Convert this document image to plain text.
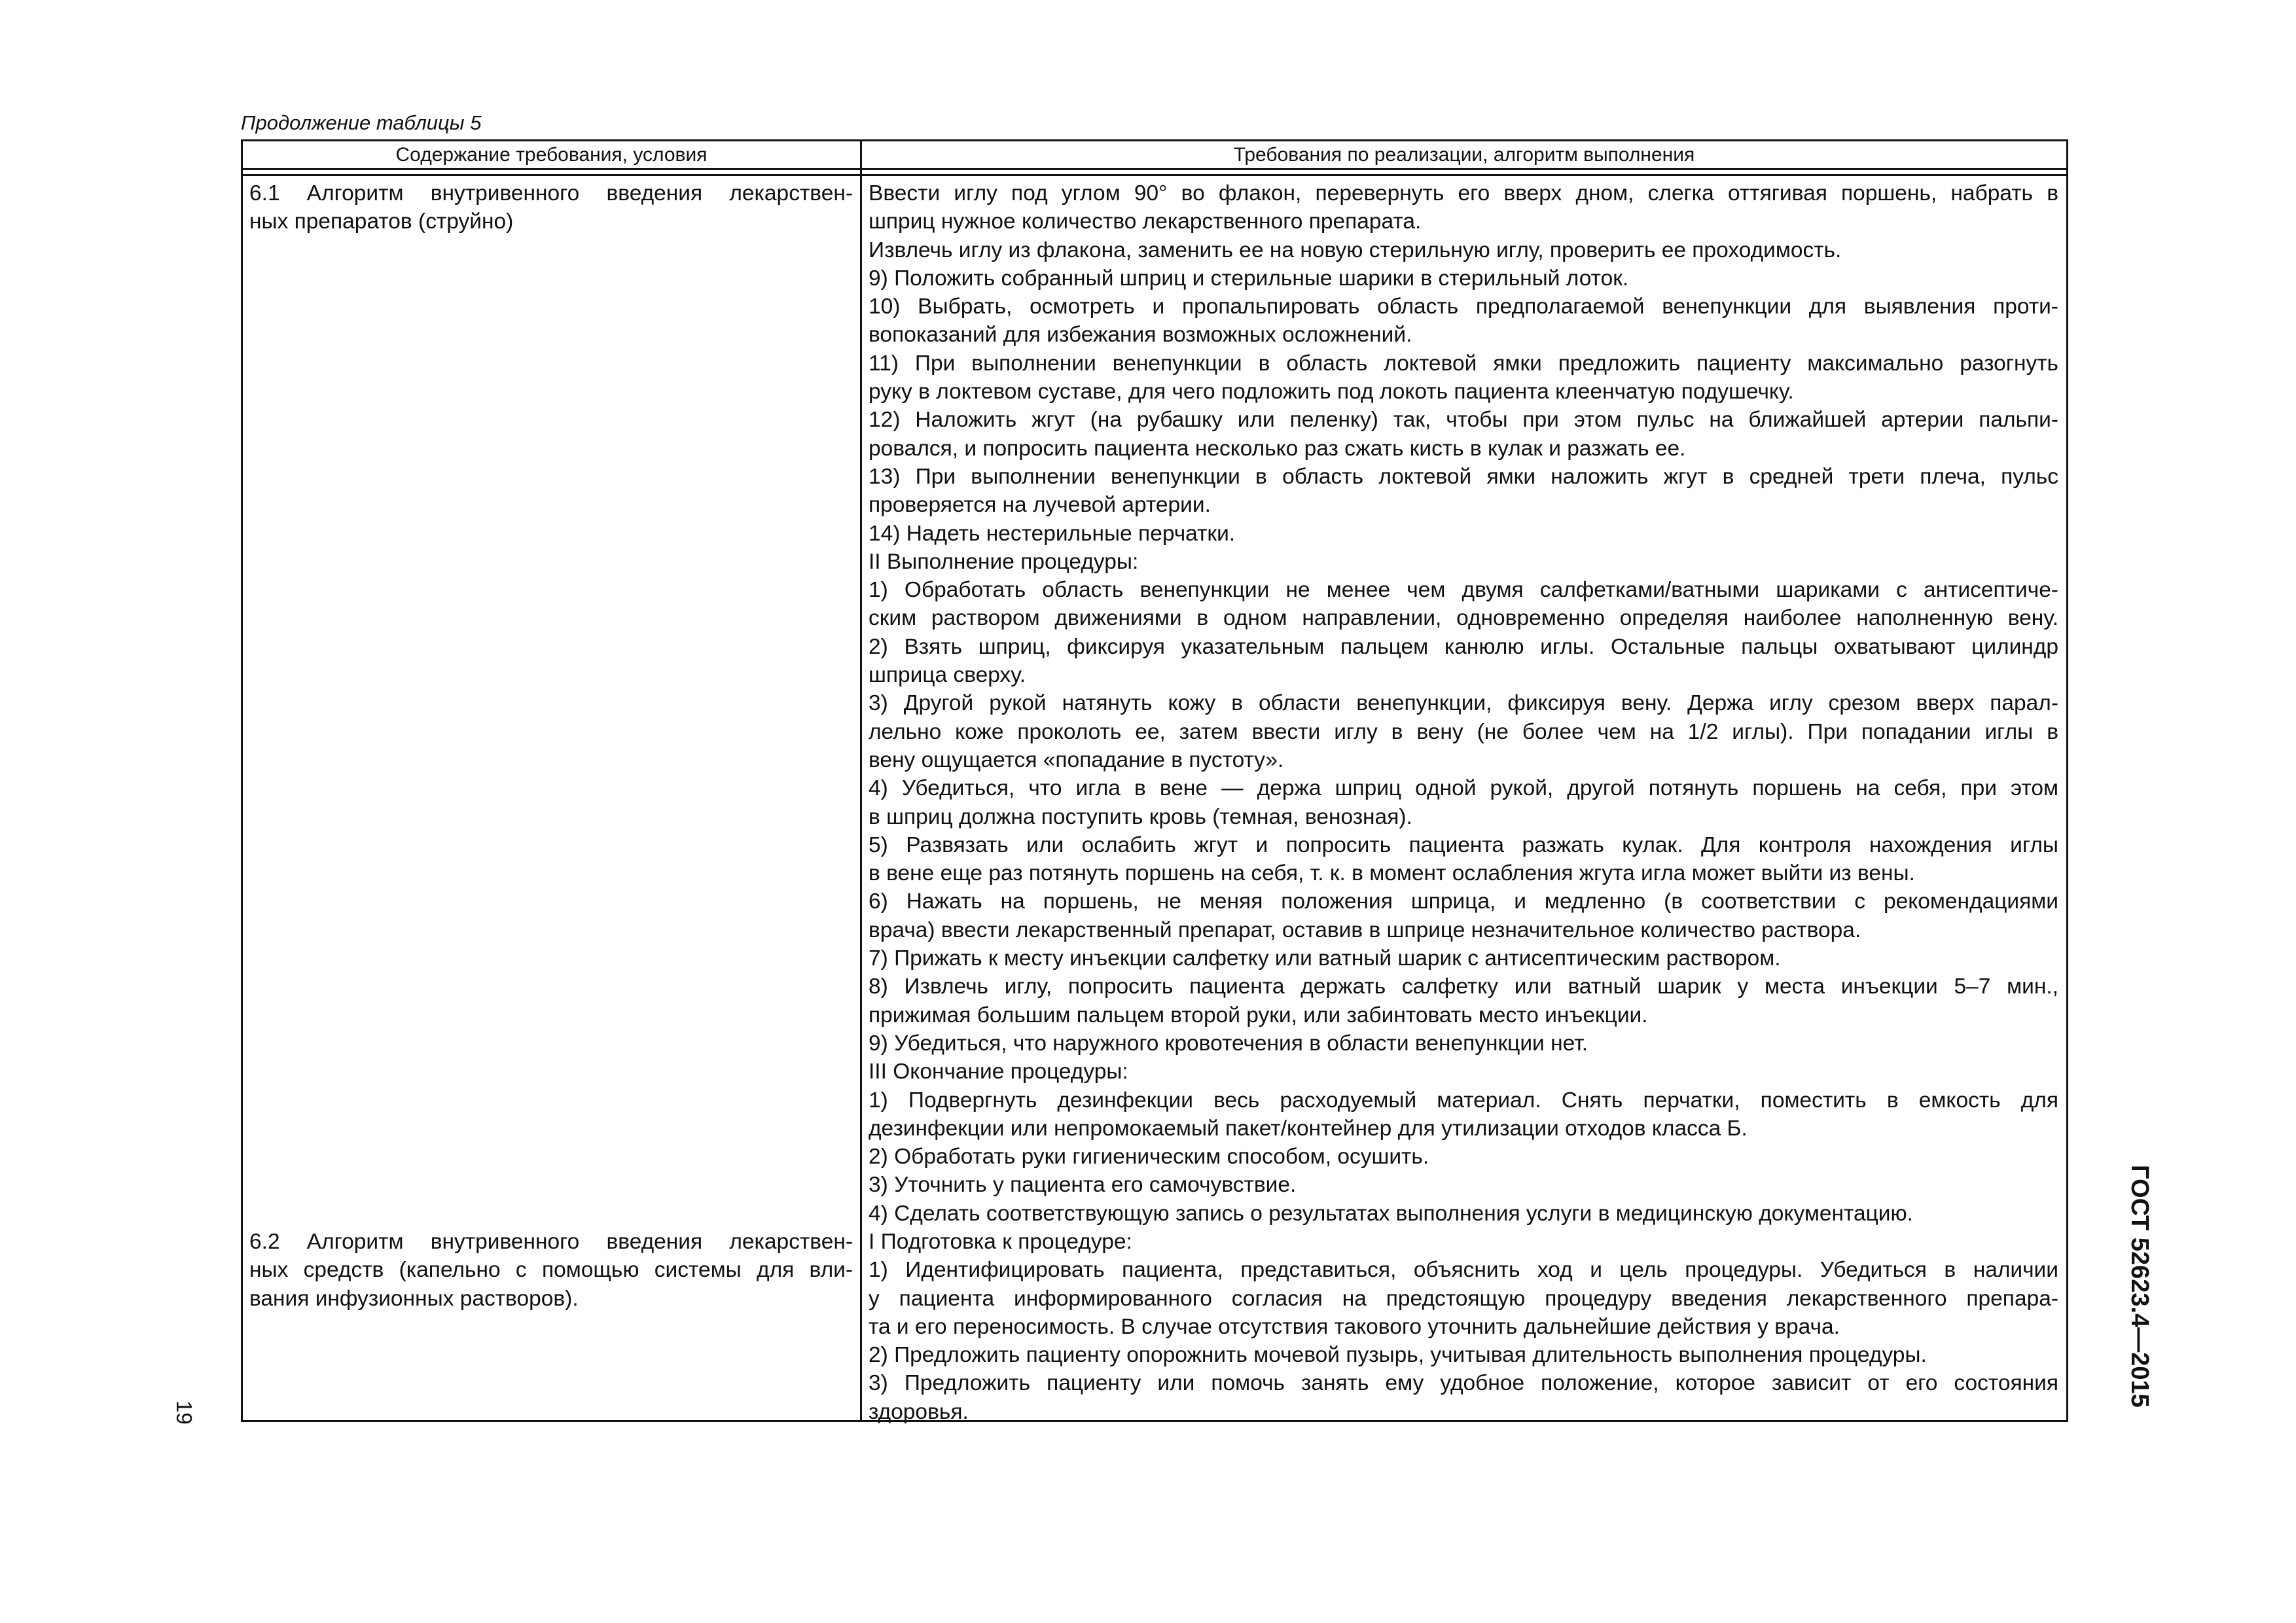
Продолжение таблицы 5
Содержание требования, условия	Требования по реализации, алгоритм выполнения
6.1 Алгоритм внутривенного введения лекарствен-
ных препаратов (струйно)
6.2 Алгоритм внутривенного введения лекарствен-
ных средств (капельно с помощью системы для вли-
вания инфузионных растворов).
Ввести иглу под углом 90° во флакон, перевернуть его вверх дном, слегка оттягивая поршень, набрать в
шприц нужное количество лекарственного препарата.
Извлечь иглу из флакона, заменить ее на новую стерильную иглу, проверить ее проходимость.
9) Положить собранный шприц и стерильные шарики в стерильный лоток.
10) Выбрать, осмотреть и пропальпировать область предполагаемой венепункции для выявления проти-
вопоказаний для избежания возможных осложнений.
11) При выполнении венепункции в область локтевой ямки предложить пациенту максимально разогнуть
руку в локтевом суставе, для чего подложить под локоть пациента клеенчатую подушечку.
12) Наложить жгут (на рубашку или пеленку) так, чтобы при этом пульс на ближайшей артерии пальпи-
ровался, и попросить пациента несколько раз сжать кисть в кулак и разжать ее.
13) При выполнении венепункции в область локтевой ямки наложить жгут в средней трети плеча, пульс
проверяется на лучевой артерии.
14) Надеть нестерильные перчатки.
II Выполнение процедуры:
1) Обработать область венепункции не менее чем двумя салфетками/ватными шариками с антисептиче-
ским раствором движениями в одном направлении, одновременно определяя наиболее наполненную вену.
2) Взять шприц, фиксируя указательным пальцем канюлю иглы. Остальные пальцы охватывают цилиндр
шприца сверху.
3) Другой рукой натянуть кожу в области венепункции, фиксируя вену. Держа иглу срезом вверх парал-
лельно коже проколоть ее, затем ввести иглу в вену (не более чем на 1/2 иглы). При попадании иглы в
вену ощущается «попадание в пустоту».
4) Убедиться, что игла в вене — держа шприц одной рукой, другой потянуть поршень на себя, при этом
в шприц должна поступить кровь (темная, венозная).
5) Развязать или ослабить жгут и попросить пациента разжать кулак. Для контроля нахождения иглы
в вене еще раз потянуть поршень на себя, т. к. в момент ослабления жгута игла может выйти из вены.
6) Нажать на поршень, не меняя положения шприца, и медленно (в соответствии с рекомендациями
врача) ввести лекарственный препарат, оставив в шприце незначительное количество раствора.
7) Прижать к месту инъекции салфетку или ватный шарик с антисептическим раствором.
8) Извлечь иглу, попросить пациента держать салфетку или ватный шарик у места инъекции 5–7 мин.,
прижимая большим пальцем второй руки, или забинтовать место инъекции.
9) Убедиться, что наружного кровотечения в области венепункции нет.
III Окончание процедуры:
1) Подвергнуть дезинфекции весь расходуемый материал. Снять перчатки, поместить в емкость для
дезинфекции или непромокаемый пакет/контейнер для утилизации отходов класса Б.
2) Обработать руки гигиеническим способом, осушить.
3) Уточнить у пациента его самочувствие.
4) Сделать соответствующую запись о результатах выполнения услуги в медицинскую документацию.
I Подготовка к процедуре:
1) Идентифицировать пациента, представиться, объяснить ход и цель процедуры. Убедиться в наличии
у пациента информированного согласия на предстоящую процедуру введения лекарственного препара-
та и его переносимость. В случае отсутствия такового уточнить дальнейшие действия у врача.
2) Предложить пациенту опорожнить мочевой пузырь, учитывая длительность выполнения процедуры.
3) Предложить пациенту или помочь занять ему удобное положение, которое зависит от его состояния
здоровья.
19
ГОСТ 52623.4—2015
